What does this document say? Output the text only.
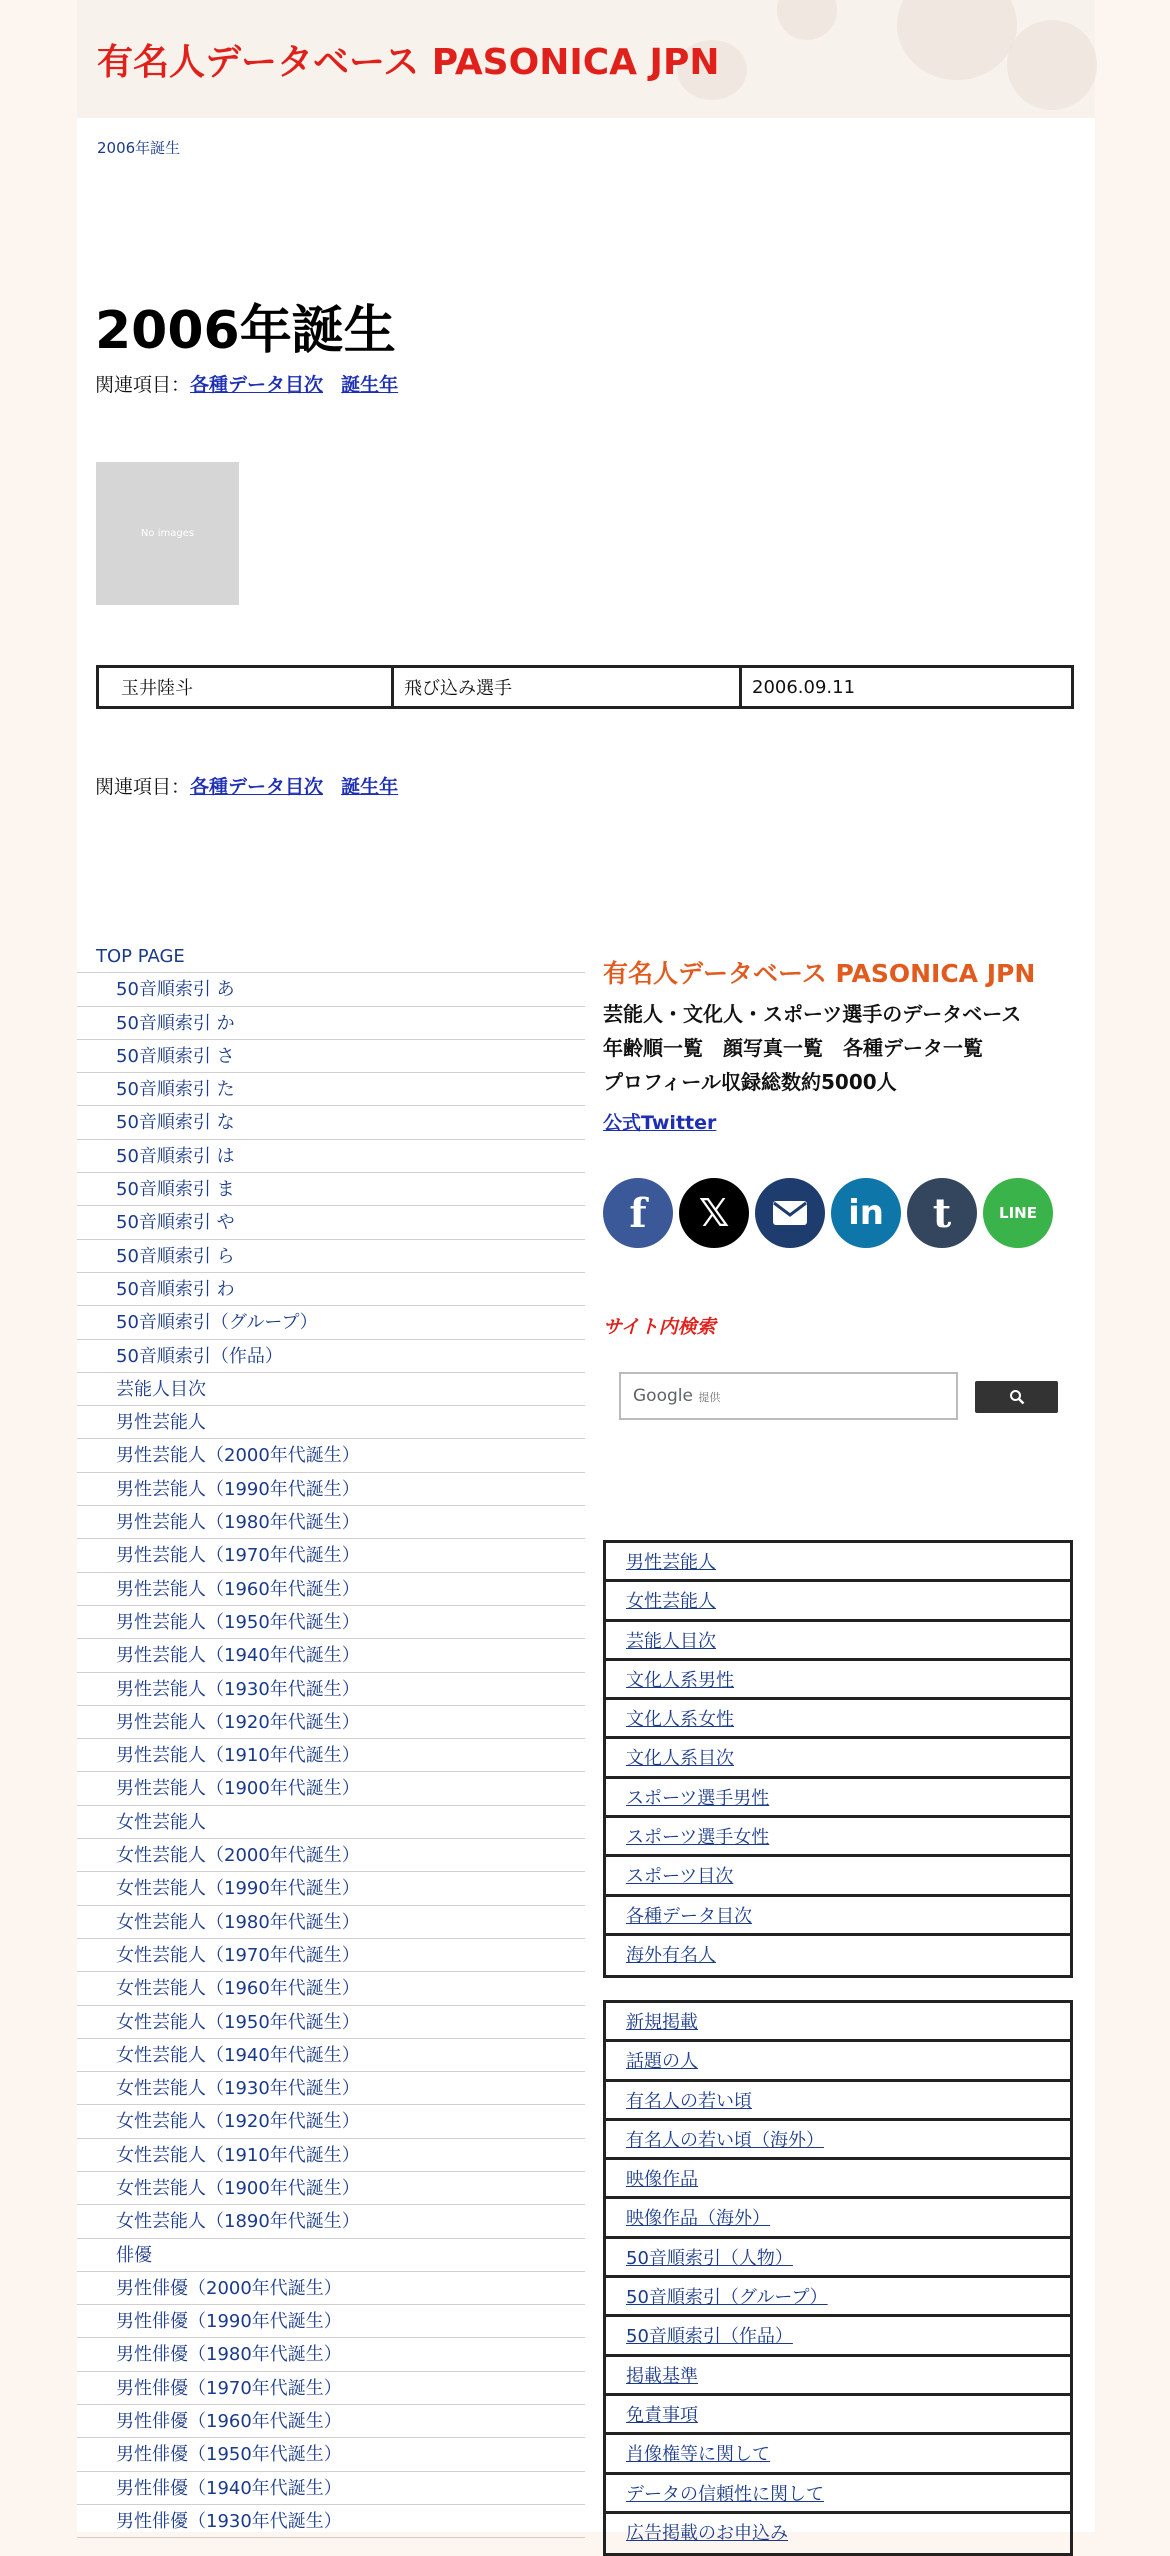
有名人データベース PASONICA JPN
2006年誕生
2006年誕生
関連項目：各種データ目次 誕生年
No images
玉井陸斗	飛び込み選手	2006.09.11
関連項目：各種データ目次 誕生年
TOP PAGE
50音順索引 あ
50音順索引 か
50音順索引 さ
50音順索引 た
50音順索引 な
50音順索引 は
50音順索引 ま
50音順索引 や
50音順索引 ら
50音順索引 わ
50音順索引（グループ）
50音順索引（作品）
芸能人目次
男性芸能人
男性芸能人（2000年代誕生）
男性芸能人（1990年代誕生）
男性芸能人（1980年代誕生）
男性芸能人（1970年代誕生）
男性芸能人（1960年代誕生）
男性芸能人（1950年代誕生）
男性芸能人（1940年代誕生）
男性芸能人（1930年代誕生）
男性芸能人（1920年代誕生）
男性芸能人（1910年代誕生）
男性芸能人（1900年代誕生）
女性芸能人
女性芸能人（2000年代誕生）
女性芸能人（1990年代誕生）
女性芸能人（1980年代誕生）
女性芸能人（1970年代誕生）
女性芸能人（1960年代誕生）
女性芸能人（1950年代誕生）
女性芸能人（1940年代誕生）
女性芸能人（1930年代誕生）
女性芸能人（1920年代誕生）
女性芸能人（1910年代誕生）
女性芸能人（1900年代誕生）
女性芸能人（1890年代誕生）
俳優
男性俳優（2000年代誕生）
男性俳優（1990年代誕生）
男性俳優（1980年代誕生）
男性俳優（1970年代誕生）
男性俳優（1960年代誕生）
男性俳優（1950年代誕生）
男性俳優（1940年代誕生）
男性俳優（1930年代誕生）
有名人データベース PASONICA JPN
芸能人・文化人・スポーツ選手のデータベース
年齢順一覧　顔写真一覧　各種データ一覧
プロフィール収録総数約5000人
公式Twitter
f	𝕏	in	t	LINE
サイト内検索
Google 提供
男性芸能人
女性芸能人
芸能人目次
文化人系男性
文化人系女性
文化人系目次
スポーツ選手男性
スポーツ選手女性
スポーツ目次
各種データ目次
海外有名人
新規掲載
話題の人
有名人の若い頃
有名人の若い頃（海外）
映像作品
映像作品（海外）
50音順索引（人物）
50音順索引（グループ）
50音順索引（作品）
掲載基準
免責事項
肖像権等に関して
データの信頼性に関して
広告掲載のお申込み
